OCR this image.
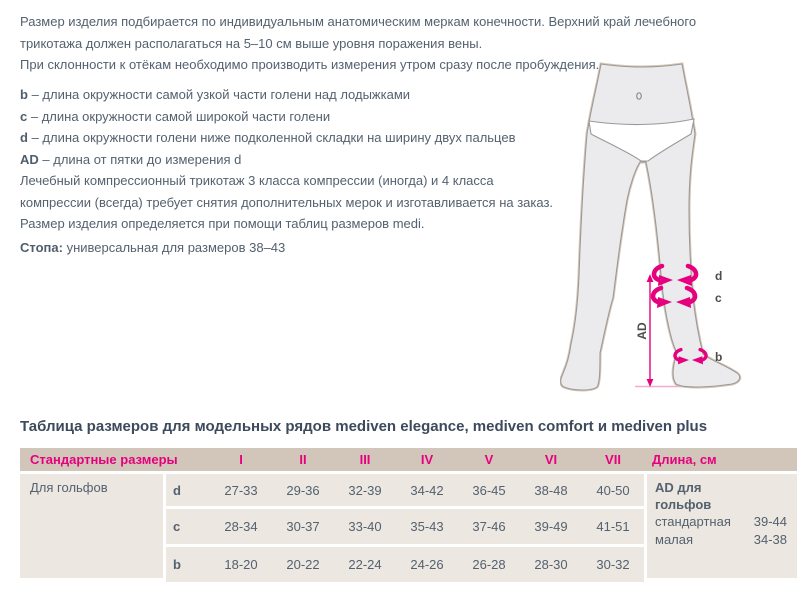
Размер изделия подбирается по индивидуальным анатомическим меркам конечности. Верхний край лечебного трикотажа должен располагаться на 5–10 см выше уровня поражения вены.
При склонности к отёкам необходимо производить измерения утром сразу после пробуждения.
b – длина окружности самой узкой части голени над лодыжками
c – длина окружности самой широкой части голени
d – длина окружности голени ниже подколенной складки на ширину двух пальцев
AD – длина от пятки до измерения d
Лечебный компрессионный трикотаж 3 класса компрессии (иногда) и 4 класса компрессии (всегда) требует снятия дополнительных мерок и изготавливается на заказ. Размер изделия определяется при помощи таблиц размеров medi.
Стопа: универсальная для размеров 38–43
AD
d
c
b
Таблица размеров для модельных рядов mediven elegance, mediven comfort и mediven plus
Стандартные размеры	I	II	III	IV	V	VI	VII	Длина, см
Для гольфов	d	27-33	29-36	32-39	34-42	36-45	38-48	40-50
c	28-34	30-37	33-40	35-43	37-46	39-49	41-51
b	18-20	20-22	22-24	24-26	26-28	28-30	30-32
AD для гольфов
стандартная 39-44
малая	34-38
